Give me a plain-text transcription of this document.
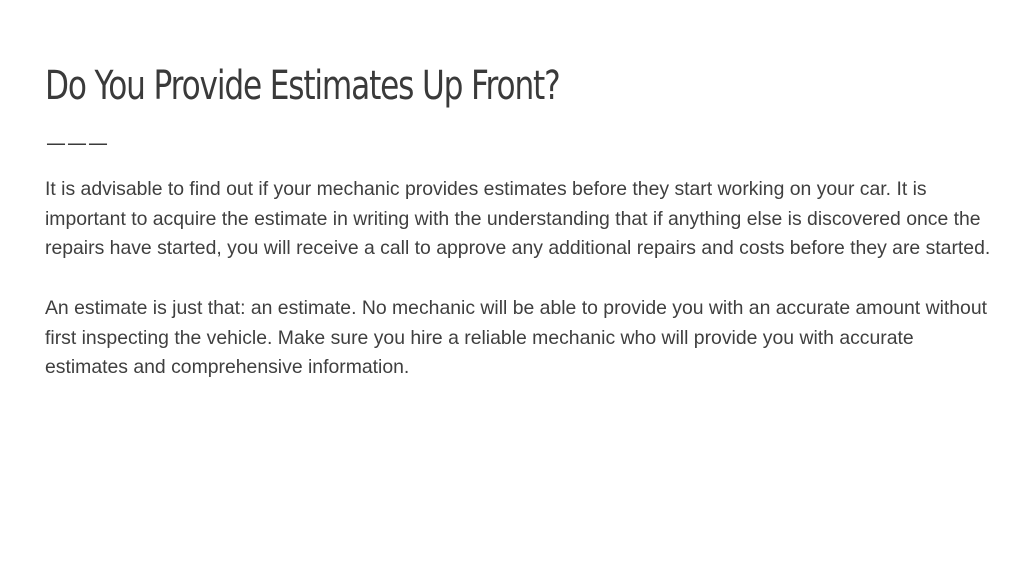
Do You Provide Estimates Up Front?
———

It is advisable to find out if your mechanic provides estimates before they start working on your car. It is important to acquire the estimate in writing with the understanding that if anything else is discovered once the repairs have started, you will receive a call to approve any additional repairs and costs before they are started.

An estimate is just that: an estimate. No mechanic will be able to provide you with an accurate amount without first inspecting the vehicle. Make sure you hire a reliable mechanic who will provide you with accurate estimates and comprehensive information.
